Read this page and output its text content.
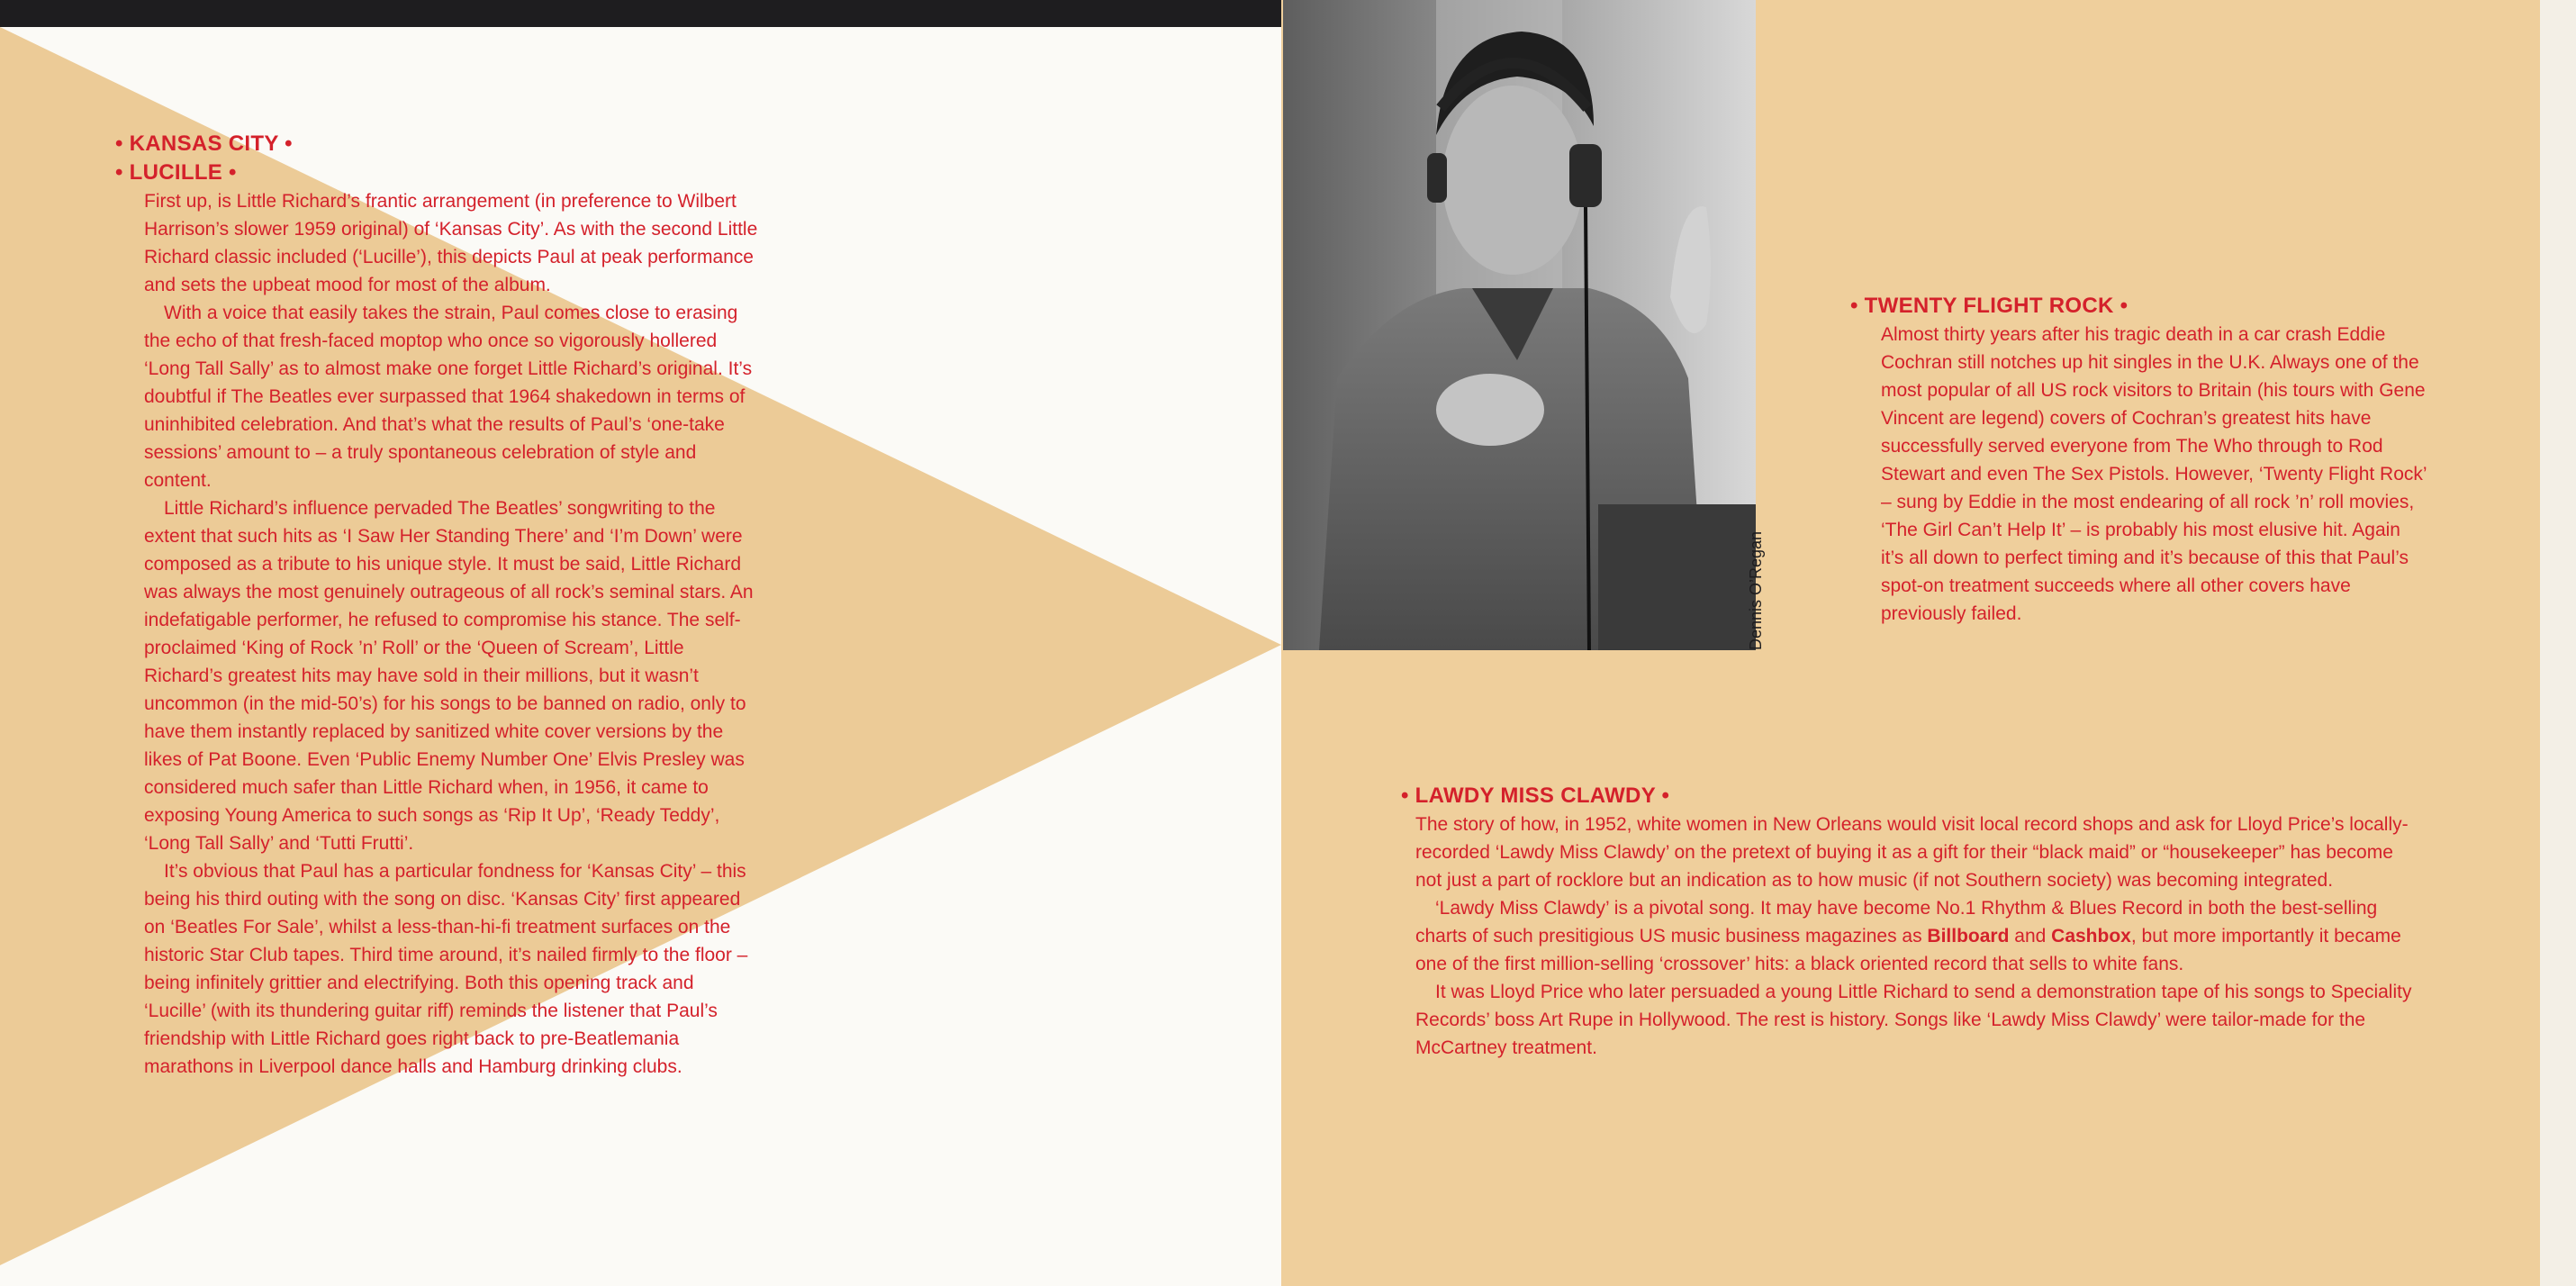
Dennis O’Regan
• KANSAS CITY •
• LUCILLE •

First up, is Little Richard’s frantic arrangement (in preference to Wilbert Harrison’s slower 1959 original) of ‘Kansas City’. As with the second Little Richard classic included (‘Lucille’), this depicts Paul at peak performance and sets the upbeat mood for most of the album.

With a voice that easily takes the strain, Paul comes close to erasing the echo of that fresh-faced moptop who once so vigorously hollered ‘Long Tall Sally’ as to almost make one forget Little Richard’s original. It’s doubtful if The Beatles ever surpassed that 1964 shakedown in terms of uninhibited celebration. And that’s what the results of Paul’s ‘one-take sessions’ amount to – a truly spontaneous celebration of style and content.

Little Richard’s influence pervaded The Beatles’ songwriting to the extent that such hits as ‘I Saw Her Standing There’ and ‘I’m Down’ were composed as a tribute to his unique style. It must be said, Little Richard was always the most genuinely outrageous of all rock’s seminal stars. An indefatigable performer, he refused to compromise his stance. The self-proclaimed ‘King of Rock ’n’ Roll’ or the ‘Queen of Scream’, Little Richard’s greatest hits may have sold in their millions, but it wasn’t uncommon (in the mid-50’s) for his songs to be banned on radio, only to have them instantly replaced by sanitized white cover versions by the likes of Pat Boone. Even ‘Public Enemy Number One’ Elvis Presley was considered much safer than Little Richard when, in 1956, it came to exposing Young America to such songs as ‘Rip It Up’, ‘Ready Teddy’, ‘Long Tall Sally’ and ‘Tutti Frutti’.

It’s obvious that Paul has a particular fondness for ‘Kansas City’ – this being his third outing with the song on disc. ‘Kansas City’ first appeared on ‘Beatles For Sale’, whilst a less-than-hi-fi treatment surfaces on the historic Star Club tapes. Third time around, it’s nailed firmly to the floor – being infinitely grittier and electrifying. Both this opening track and ‘Lucille’ (with its thundering guitar riff) reminds the listener that Paul’s friendship with Little Richard goes right back to pre-Beatlemania marathons in Liverpool dance halls and Hamburg drinking clubs.

• TWENTY FLIGHT ROCK •

Almost thirty years after his tragic death in a car crash Eddie Cochran still notches up hit singles in the U.K. Always one of the most popular of all US rock visitors to Britain (his tours with Gene Vincent are legend) covers of Cochran’s greatest hits have successfully served everyone from The Who through to Rod Stewart and even The Sex Pistols. However, ‘Twenty Flight Rock’ – sung by Eddie in the most endearing of all rock ’n’ roll movies, ‘The Girl Can’t Help It’ – is probably his most elusive hit. Again it’s all down to perfect timing and it’s because of this that Paul’s spot-on treatment succeeds where all other covers have previously failed.

• LAWDY MISS CLAWDY •

The story of how, in 1952, white women in New Orleans would visit local record shops and ask for Lloyd Price’s locally-recorded ‘Lawdy Miss Clawdy’ on the pretext of buying it as a gift for their “black maid” or “housekeeper” has become not just a part of rocklore but an indication as to how music (if not Southern society) was becoming integrated.

‘Lawdy Miss Clawdy’ is a pivotal song. It may have become No.1 Rhythm & Blues Record in both the best-selling charts of such presitigious US music business magazines as Billboard and Cashbox, but more importantly it became one of the first million-selling ‘crossover’ hits: a black oriented record that sells to white fans.

It was Lloyd Price who later persuaded a young Little Richard to send a demonstration tape of his songs to Speciality Records’ boss Art Rupe in Hollywood. The rest is history. Songs like ‘Lawdy Miss Clawdy’ were tailor-made for the McCartney treatment.
